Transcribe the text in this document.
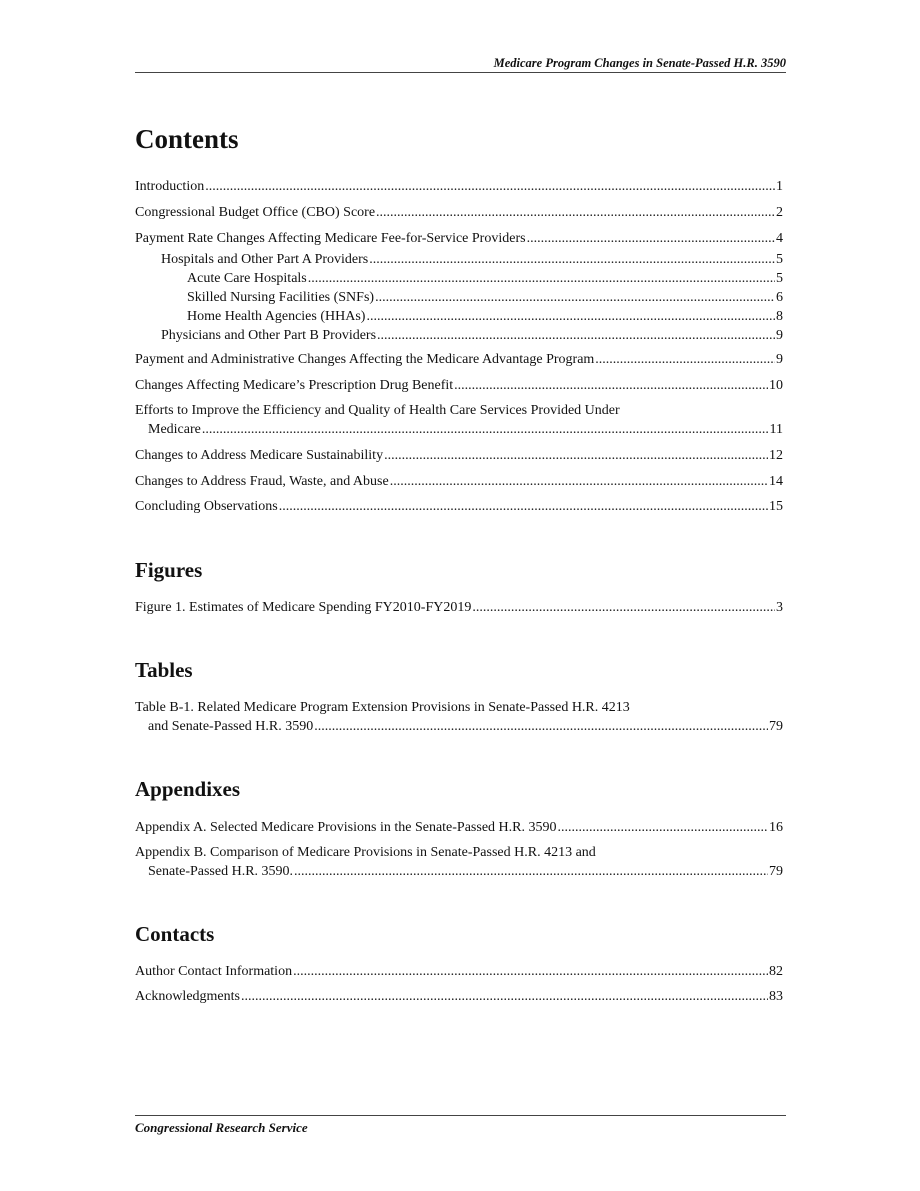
Medicare Program Changes in Senate-Passed H.R. 3590
Contents
Introduction .....	1
Congressional Budget Office (CBO) Score .....	2
Payment Rate Changes Affecting Medicare Fee-for-Service Providers .....	4
Hospitals and Other Part A Providers .....	5
Acute Care Hospitals .....	5
Skilled Nursing Facilities (SNFs) .....	6
Home Health Agencies (HHAs) .....	8
Physicians and Other Part B Providers .....	9
Payment and Administrative Changes Affecting the Medicare Advantage Program .....	9
Changes Affecting Medicare’s Prescription Drug Benefit .....	10
Efforts to Improve the Efficiency and Quality of Health Care Services Provided Under
Medicare .....	11
Changes to Address Medicare Sustainability .....	12
Changes to Address Fraud, Waste, and Abuse .....	14
Concluding Observations .....	15
Figures
Figure 1. Estimates of Medicare Spending FY2010-FY2019 .....	3
Tables
Table B-1. Related Medicare Program Extension Provisions in Senate-Passed H.R. 4213
and Senate-Passed H.R. 3590 .....	79
Appendixes
Appendix A. Selected Medicare Provisions in the Senate-Passed H.R. 3590 .....	16
Appendix B. Comparison of Medicare Provisions in Senate-Passed H.R. 4213 and
Senate-Passed H.R. 3590. .....	79
Contacts
Author Contact Information .....	82
Acknowledgments .....	83
Congressional Research Service
